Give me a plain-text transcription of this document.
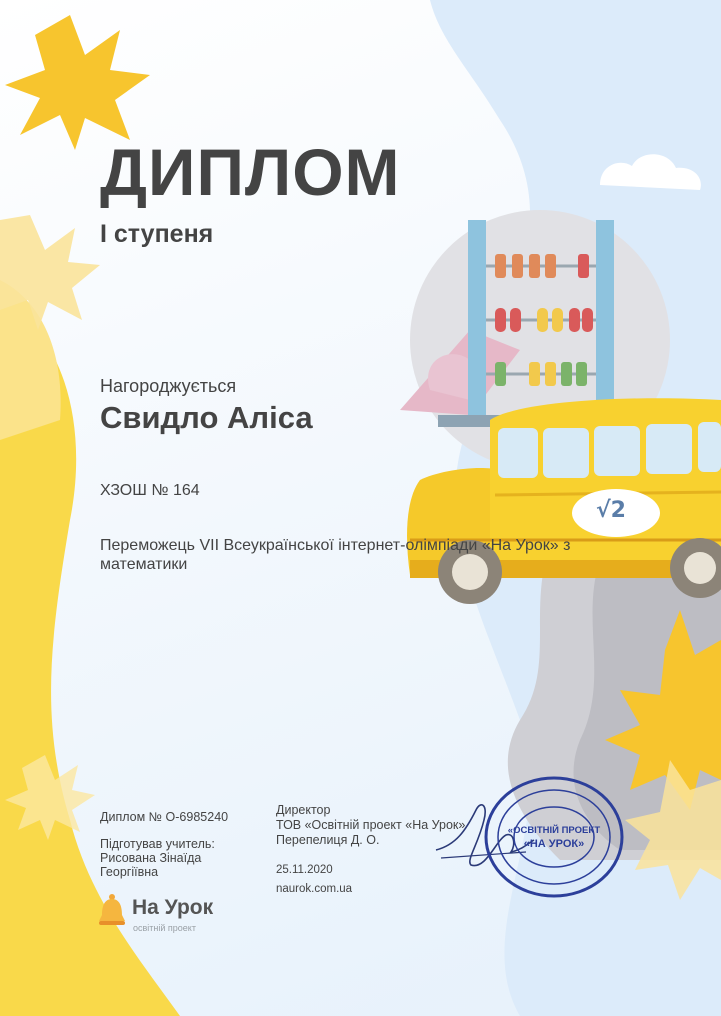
ДИПЛОМ
І ступеня
Нагороджується
Свидло Аліса
ХЗОШ № 164
Переможець VІІ Всеукраїнської інтернет-олімпіади «На Урок» з математики
√2
Диплом № О-6985240
Підготував учитель:
Рисована Зінаїда Георгіївна
Директор
ТОВ «Освітній проект «На Урок»
Перепелиця Д. О.
25.11.2020
naurok.com.ua
«ОСВІТНІЙ ПРОЕКТ
«НА УРОК»
На Урок
освітній проект
